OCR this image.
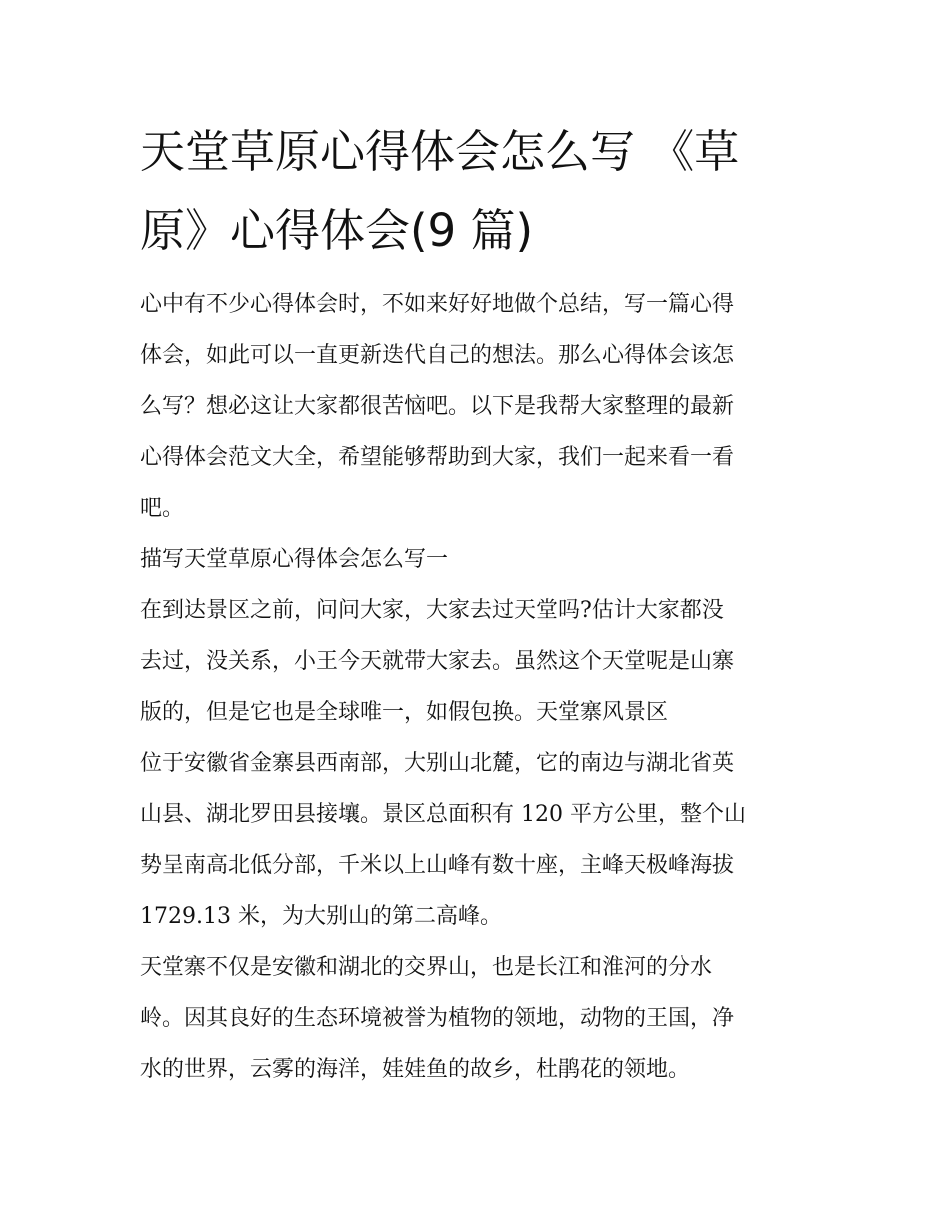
天堂草原心得体会怎么写 《草
原》心得体会(9 篇)

心中有不少心得体会时，不如来好好地做个总结，写一篇心得
体会，如此可以一直更新迭代自己的想法。那么心得体会该怎
么写？想必这让大家都很苦恼吧。以下是我帮大家整理的最新
心得体会范文大全，希望能够帮助到大家，我们一起来看一看
吧。

描写天堂草原心得体会怎么写一

在到达景区之前，问问大家，大家去过天堂吗?估计大家都没
去过，没关系，小王今天就带大家去。虽然这个天堂呢是山寨
版的，但是它也是全球唯一，如假包换。天堂寨风景区

位于安徽省金寨县西南部，大别山北麓，它的南边与湖北省英
山县、湖北罗田县接壤。景区总面积有 120 平方公里，整个山
势呈南高北低分部，千米以上山峰有数十座，主峰天极峰海拔
1729.13 米，为大别山的第二高峰。

天堂寨不仅是安徽和湖北的交界山，也是长江和淮河的分水
岭。因其良好的生态环境被誉为植物的领地，动物的王国，净
水的世界，云雾的海洋，娃娃鱼的故乡，杜鹃花的领地。
